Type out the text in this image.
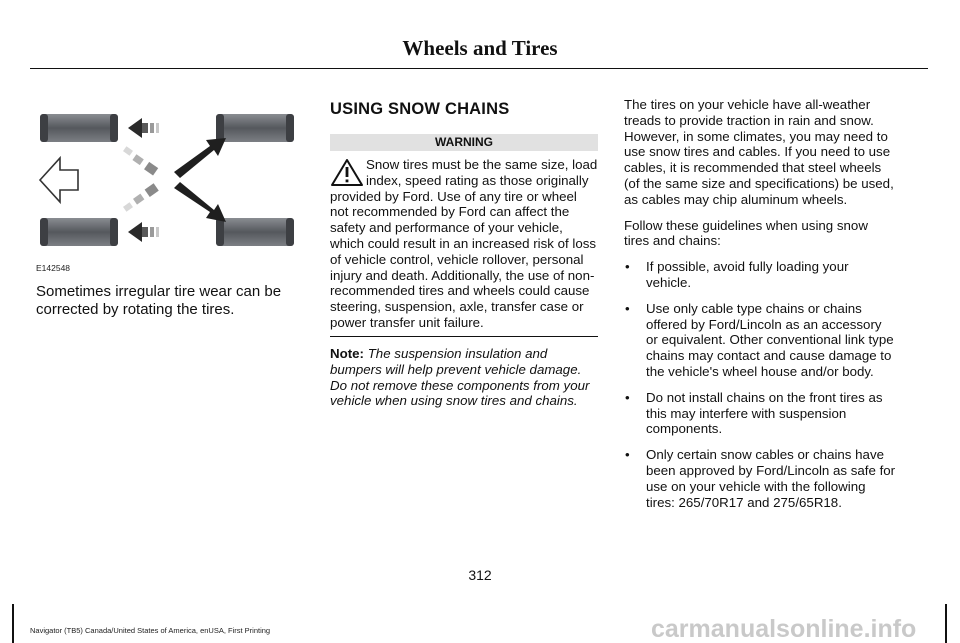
Wheels and Tires
E142548
Sometimes irregular tire wear can be corrected by rotating the tires.
USING SNOW CHAINS
WARNING
Snow tires must be the same size, load index, speed rating as those originally provided by Ford. Use of any tire or wheel not recommended by Ford can affect the safety and performance of your vehicle, which could result in an increased risk of loss of vehicle control, vehicle rollover, personal injury and death. Additionally, the use of non-recommended tires and wheels could cause steering, suspension, axle, transfer case or power transfer unit failure.
Note: The suspension insulation and bumpers will help prevent vehicle damage. Do not remove these components from your vehicle when using snow tires and chains.

The tires on your vehicle have all-weather treads to provide traction in rain and snow. However, in some climates, you may need to use snow tires and cables. If you need to use cables, it is recommended that steel wheels (of the same size and specifications) be used, as cables may chip aluminum wheels.

Follow these guidelines when using snow tires and chains:

• If possible, avoid fully loading your vehicle.
• Use only cable type chains or chains offered by Ford/Lincoln as an accessory or equivalent. Other conventional link type chains may contact and cause damage to the vehicle's wheel house and/or body.
• Do not install chains on the front tires as this may interfere with suspension components.
• Only certain snow cables or chains have been approved by Ford/Lincoln as safe for use on your vehicle with the following tires: 265/70R17 and 275/65R18.
312
Navigator (TB5) Canada/United States of America, enUSA, First Printing	carmanualsonline.info
